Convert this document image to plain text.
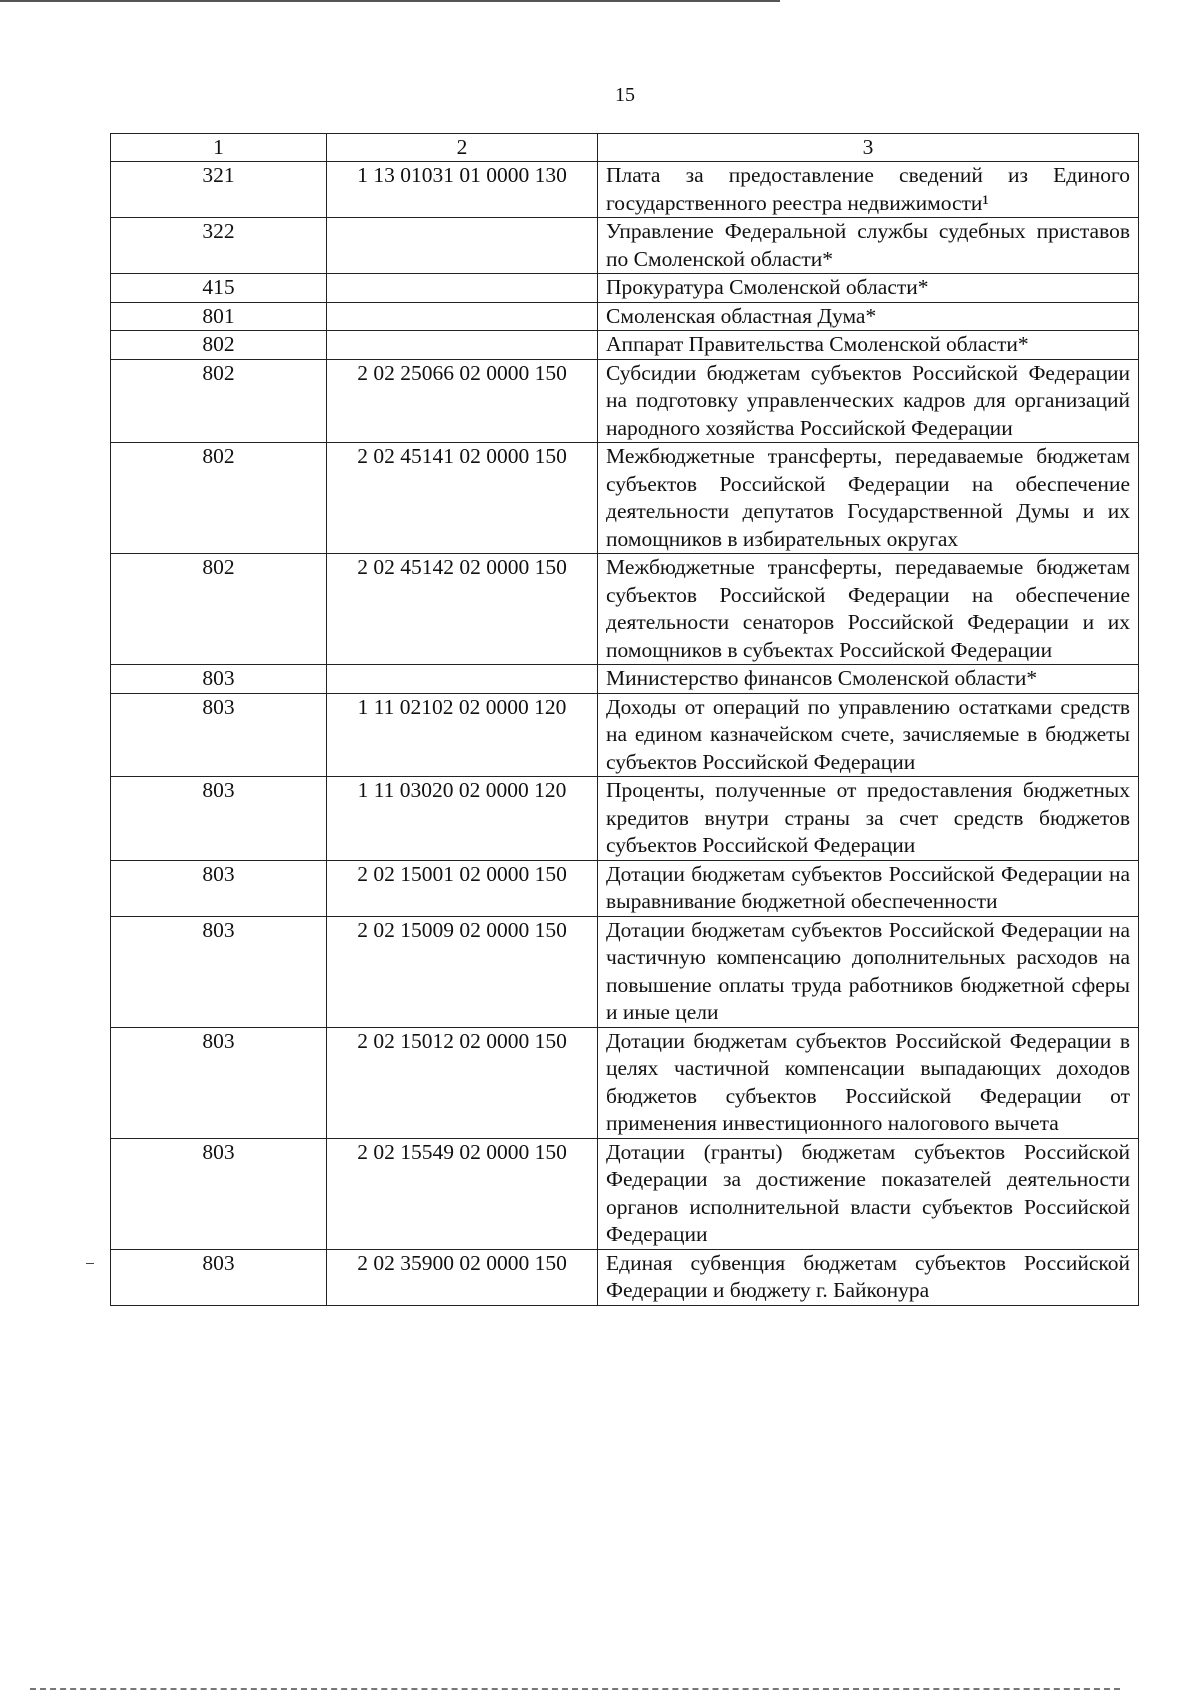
15
1	2	3
321	1 13 01031 01 0000 130	Плата за предоставление сведений из Единого государственного реестра недвижимости¹
322		Управление Федеральной службы судебных приставов по Смоленской области*
415		Прокуратура Смоленской области*
801		Смоленская областная Дума*
802		Аппарат Правительства Смоленской области*
802	2 02 25066 02 0000 150	Субсидии бюджетам субъектов Российской Федерации на подготовку управленческих кадров для организаций народного хозяйства Российской Федерации
802	2 02 45141 02 0000 150	Межбюджетные трансферты, передаваемые бюджетам субъектов Российской Федерации на обеспечение деятельности депутатов Государственной Думы и их помощников в избирательных округах
802	2 02 45142 02 0000 150	Межбюджетные трансферты, передаваемые бюджетам субъектов Российской Федерации на обеспечение деятельности сенаторов Российской Федерации и их помощников в субъектах Российской Федерации
803		Министерство финансов Смоленской области*
803	1 11 02102 02 0000 120	Доходы от операций по управлению остатками средств на едином казначейском счете, зачисляемые в бюджеты субъектов Российской Федерации
803	1 11 03020 02 0000 120	Проценты, полученные от предоставления бюджетных кредитов внутри страны за счет средств бюджетов субъектов Российской Федерации
803	2 02 15001 02 0000 150	Дотации бюджетам субъектов Российской Федерации на выравнивание бюджетной обеспеченности
803	2 02 15009 02 0000 150	Дотации бюджетам субъектов Российской Федерации на частичную компенсацию дополнительных расходов на повышение оплаты труда работников бюджетной сферы и иные цели
803	2 02 15012 02 0000 150	Дотации бюджетам субъектов Российской Федерации в целях частичной компенсации выпадающих доходов бюджетов субъектов Российской Федерации от применения инвестиционного налогового вычета
803	2 02 15549 02 0000 150	Дотации (гранты) бюджетам субъектов Российской Федерации за достижение показателей деятельности органов исполнительной власти субъектов Российской Федерации
803	2 02 35900 02 0000 150	Единая субвенция бюджетам субъектов Российской Федерации и бюджету г. Байконура
